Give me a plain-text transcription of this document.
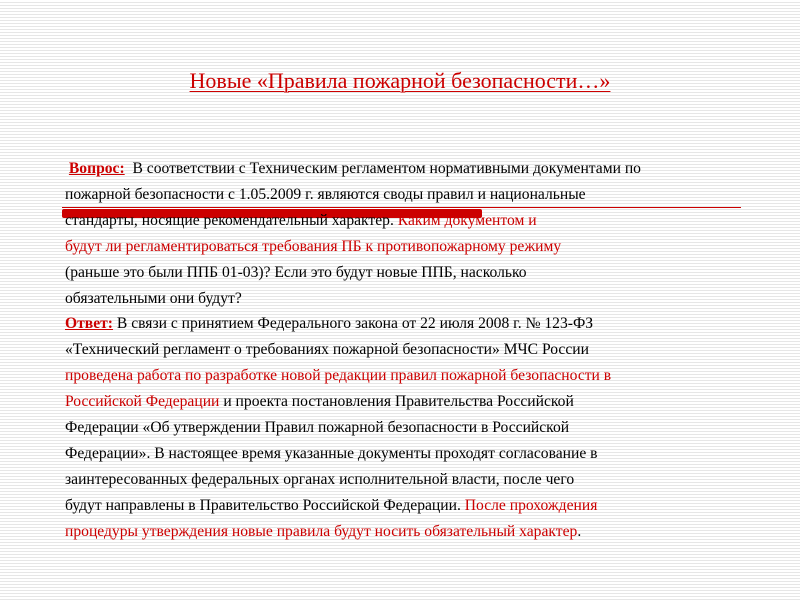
Новые «Правила пожарной безопасности…»
Вопрос: В соответствии с Техническим регламентом нормативными документами по
пожарной безопасности с 1.05.2009 г. являются своды правил и национальные
стандарты, носящие рекомендательный характер. Каким документом и
будут ли регламентироваться требования ПБ к противопожарному режиму
(раньше это были ППБ 01-03)? Если это будут новые ППБ, насколько
обязательными они будут?
Ответ: В связи с принятием Федерального закона от 22 июля 2008 г. № 123-ФЗ
«Технический регламент о требованиях пожарной безопасности» МЧС России
проведена работа по разработке новой редакции правил пожарной безопасности в
Российской Федерации и проекта постановления Правительства Российской
Федерации «Об утверждении Правил пожарной безопасности в Российской
Федерации». В настоящее время указанные документы проходят согласование в
заинтересованных федеральных органах исполнительной власти, после чего
будут направлены в Правительство Российской Федерации. После прохождения
процедуры утверждения новые правила будут носить обязательный характер.
